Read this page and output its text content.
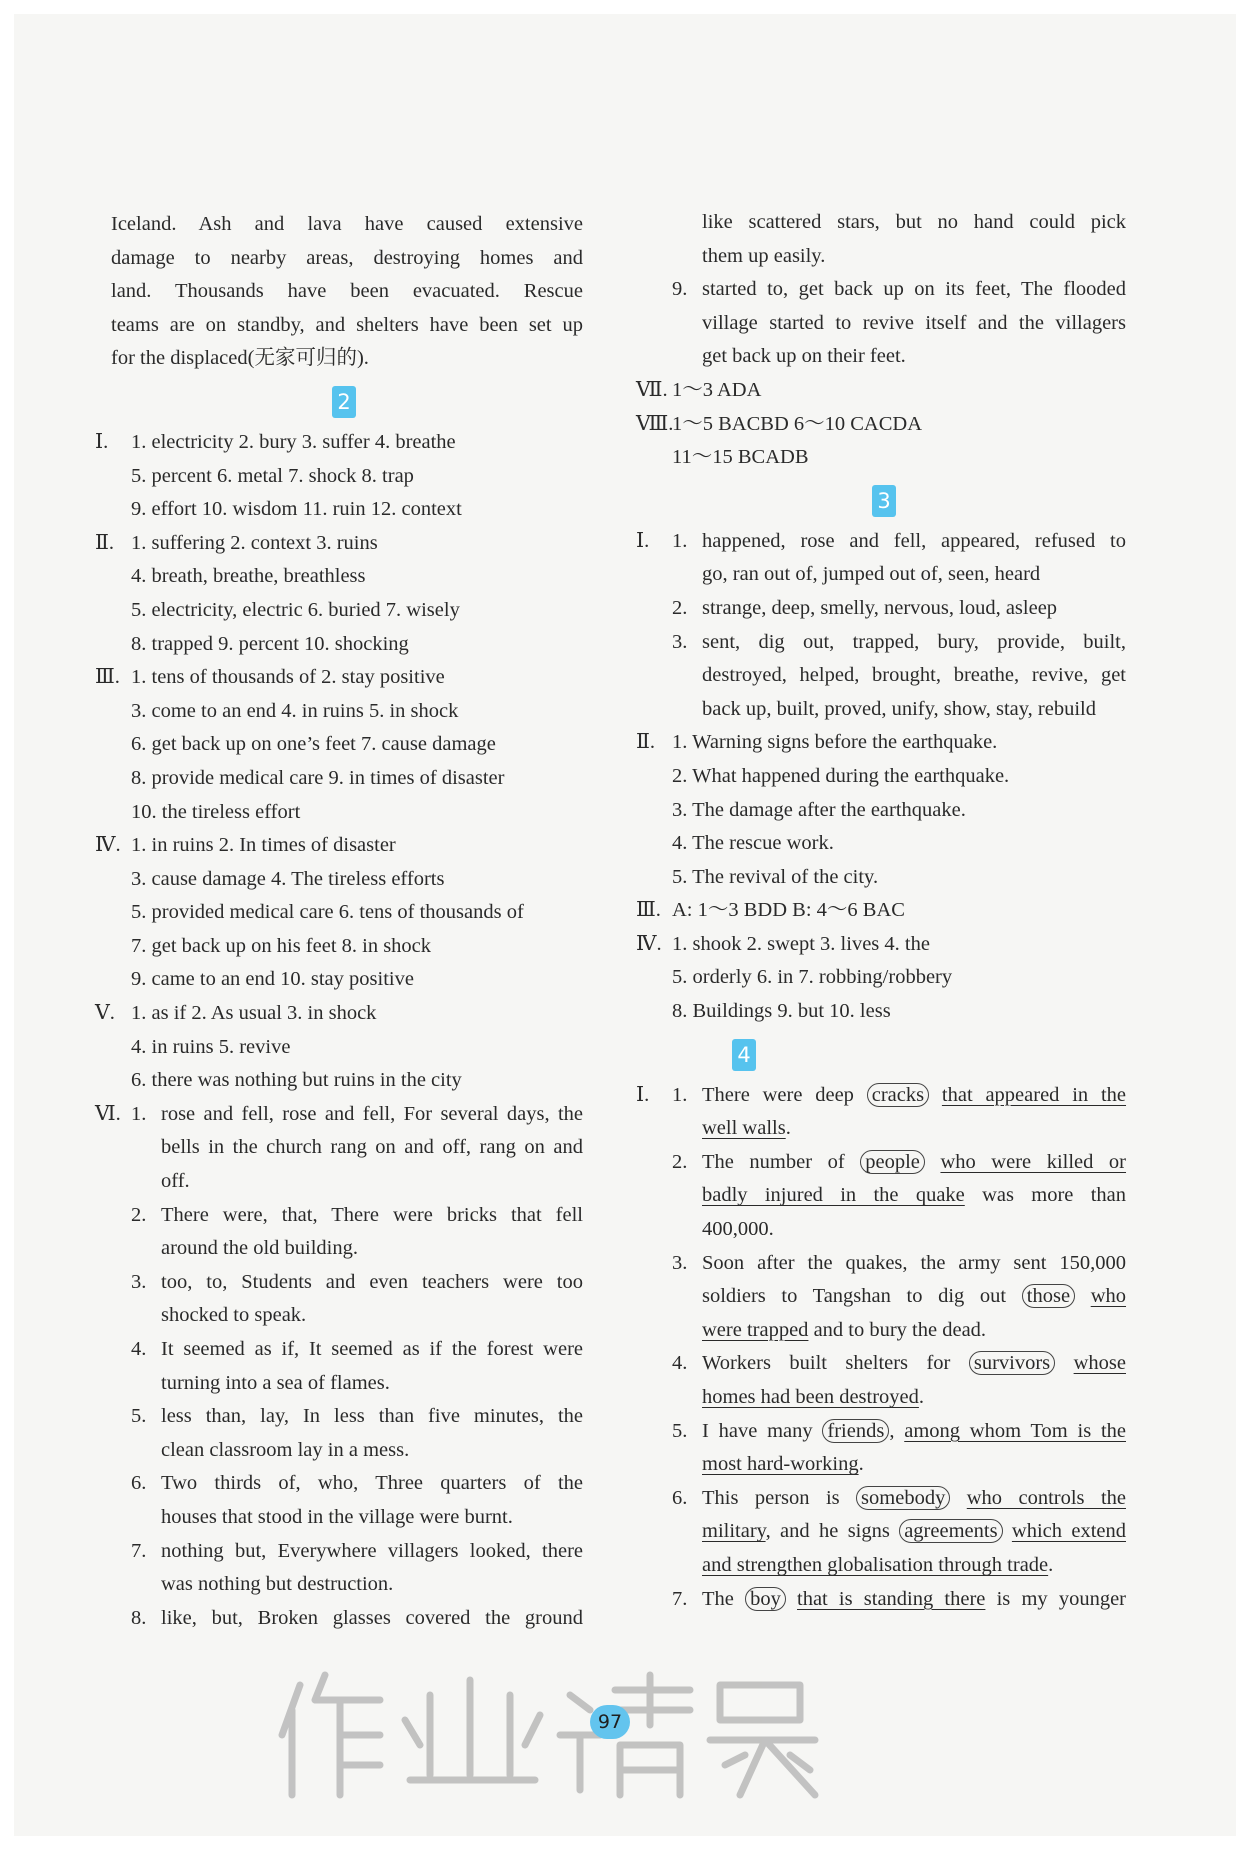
Iceland. Ash and lava have caused extensive
damage to nearby areas, destroying homes and
land. Thousands have been evacuated. Rescue
teams are on standby, and shelters have been set up
for the displaced(无家可归的).
2
Ⅰ. 1. electricity 2. bury 3. suffer 4. breathe
5. percent 6. metal 7. shock 8. trap
9. effort 10. wisdom 11. ruin 12. context
Ⅱ. 1. suffering 2. context 3. ruins
4. breath, breathe, breathless
5. electricity, electric 6. buried 7. wisely
8. trapped 9. percent 10. shocking
Ⅲ. 1. tens of thousands of 2. stay positive
3. come to an end 4. in ruins 5. in shock
6. get back up on one’s feet 7. cause damage
8. provide medical care 9. in times of disaster
10. the tireless effort
Ⅳ. 1. in ruins 2. In times of disaster
3. cause damage 4. The tireless efforts
5. provided medical care 6. tens of thousands of
7. get back up on his feet 8. in shock
9. came to an end 10. stay positive
Ⅴ. 1. as if 2. As usual 3. in shock
4. in ruins 5. revive
6. there was nothing but ruins in the city
Ⅵ. 1. rose and fell, rose and fell, For several days, the
bells in the church rang on and off, rang on and
off.
2. There were, that, There were bricks that fell
around the old building.
3. too, to, Students and even teachers were too
shocked to speak.
4. It seemed as if, It seemed as if the forest were
turning into a sea of flames.
5. less than, lay, In less than five minutes, the
clean classroom lay in a mess.
6. Two thirds of, who, Three quarters of the
houses that stood in the village were burnt.
7. nothing but, Everywhere villagers looked, there
was nothing but destruction.
8. like, but, Broken glasses covered the ground
like scattered stars, but no hand could pick
them up easily.
9. started to, get back up on its feet, The flooded
village started to revive itself and the villagers
get back up on their feet.
Ⅶ. 1～3 ADA
Ⅷ.
1～5 BACBD 6～10 CACDA
11～15 BCADB
3
Ⅰ. 1. happened, rose and fell, appeared, refused to
go, ran out of, jumped out of, seen, heard
2. strange, deep, smelly, nervous, loud, asleep
3. sent, dig out, trapped, bury, provide, built,
destroyed, helped, brought, breathe, revive, get
back up, built, proved, unify, show, stay, rebuild
Ⅱ. 1. Warning signs before the earthquake.
2. What happened during the earthquake.
3. The damage after the earthquake.
4. The rescue work.
5. The revival of the city.
Ⅲ. A: 1～3 BDD B: 4～6 BAC
Ⅳ. 1. shook 2. swept 3. lives 4. the
5. orderly 6. in 7. robbing/robbery
8. Buildings 9. but 10. less
4
Ⅰ. 1. There were deep cracks that appeared in the
well walls.
2. The number of people who were killed or
badly injured in the quake was more than
400,000.
3. Soon after the quakes, the army sent 150,000
soldiers to Tangshan to dig out those who
were trapped and to bury the dead.
4. Workers built shelters for survivors whose
homes had been destroyed.
5. I have many friends , among whom Tom is the
most hard-working.
6. This person is somebody who controls the
military, and he signs agreements which extend
and strengthen globalisation through trade.
7. The boy that is standing there is my younger
97
